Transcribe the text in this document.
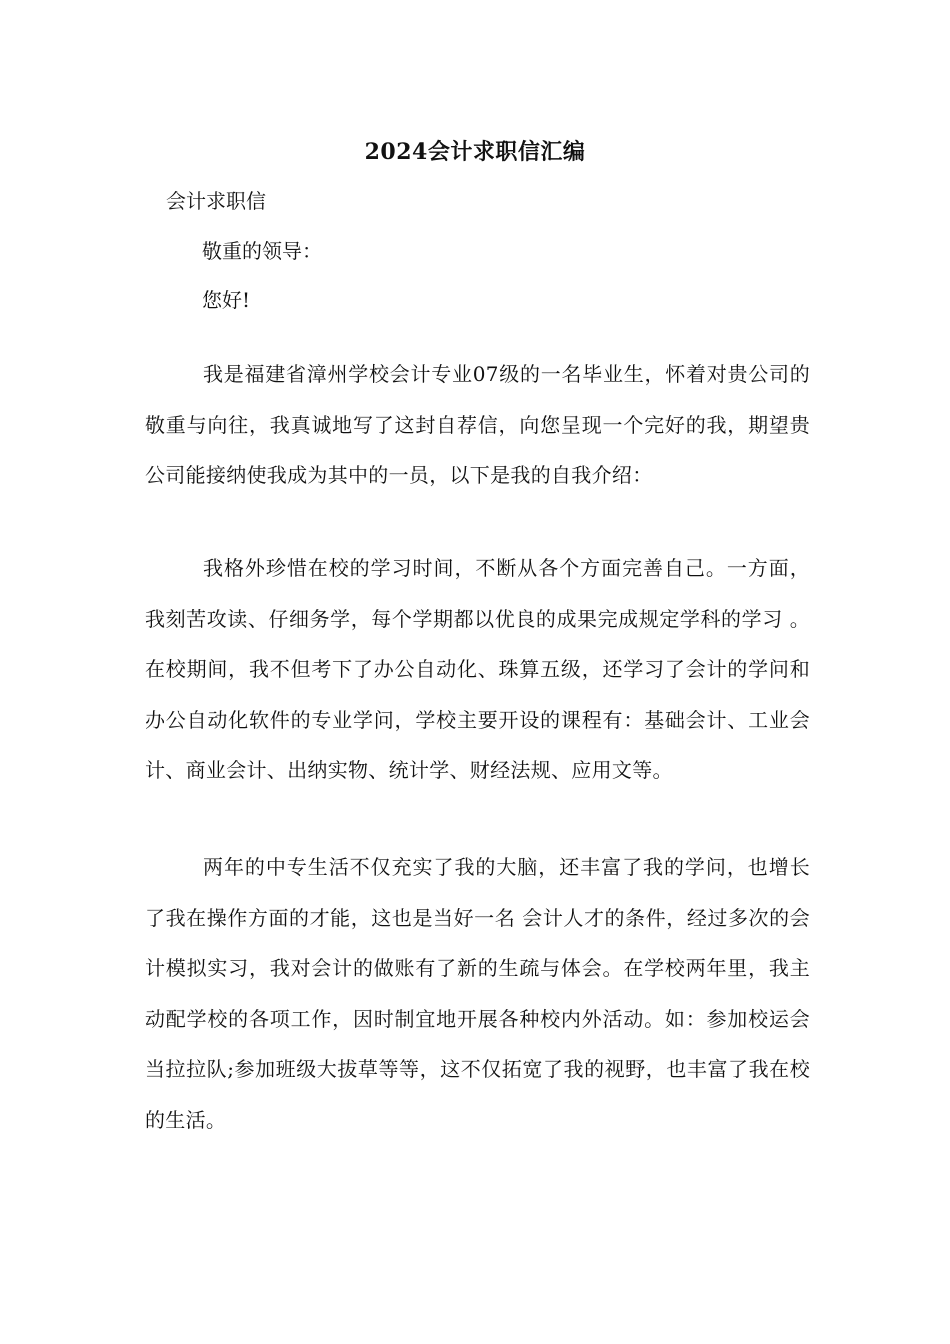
2024会计求职信汇编
会计求职信
敬重的领导：
您好!

我是福建省漳州学校会计专业07级的一名毕业生，怀着对贵公司的敬重与向往，我真诚地写了这封自荐信，向您呈现一个完好的我，期望贵公司能接纳使我成为其中的一员，以下是我的自我介绍：

我格外珍惜在校的学习时间，不断从各个方面完善自己。一方面，我刻苦攻读、仔细务学，每个学期都以优良的成果完成规定学科的学习 。在校期间，我不但考下了办公自动化、珠算五级，还学习了会计的学问和办公自动化软件的专业学问，学校主要开设的课程有：基础会计、工业会计、商业会计、出纳实物、统计学、财经法规、应用文等。

两年的中专生活不仅充实了我的大脑，还丰富了我的学问，也增长了我在操作方面的才能，这也是当好一名 会计人才的条件，经过多次的会计模拟实习，我对会计的做账有了新的生疏与体会。在学校两年里，我主动配学校的各项工作，因时制宜地开展各种校内外活动。如：参加校运会当拉拉队;参加班级大拔草等等，这不仅拓宽了我的视野，也丰富了我在校的生活。
